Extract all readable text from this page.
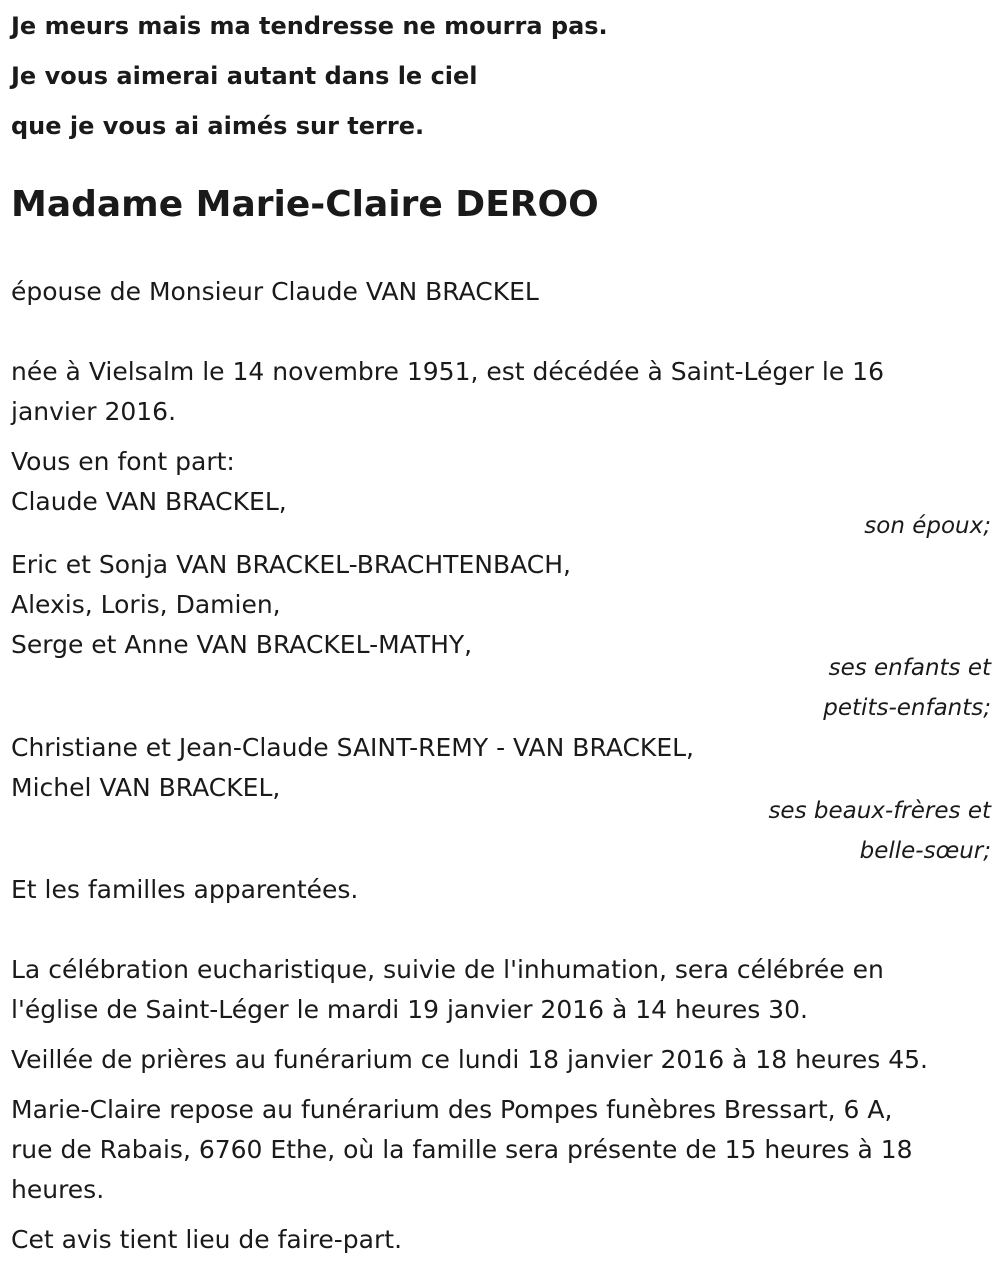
Je meurs mais ma tendresse ne mourra pas.
Je vous aimerai autant dans le ciel
que je vous ai aimés sur terre.
Madame Marie-Claire DEROO
épouse de Monsieur Claude VAN BRACKEL
née à Vielsalm le 14 novembre 1951, est décédée à Saint-Léger le 16
janvier 2016.
Vous en font part:
Claude VAN BRACKEL,
son époux;
Eric et Sonja VAN BRACKEL-BRACHTENBACH,
Alexis, Loris, Damien,
Serge et Anne VAN BRACKEL-MATHY,
ses enfants et
petits-enfants;
Christiane et Jean-Claude SAINT-REMY - VAN BRACKEL,
Michel VAN BRACKEL,
ses beaux-frères et
belle-sœur;
Et les familles apparentées.
La célébration eucharistique, suivie de l'inhumation, sera célébrée en
l'église de Saint-Léger le mardi 19 janvier 2016 à 14 heures 30.
Veillée de prières au funérarium ce lundi 18 janvier 2016 à 18 heures 45.
Marie-Claire repose au funérarium des Pompes funèbres Bressart, 6 A,
rue de Rabais, 6760 Ethe, où la famille sera présente de 15 heures à 18
heures.
Cet avis tient lieu de faire-part.
